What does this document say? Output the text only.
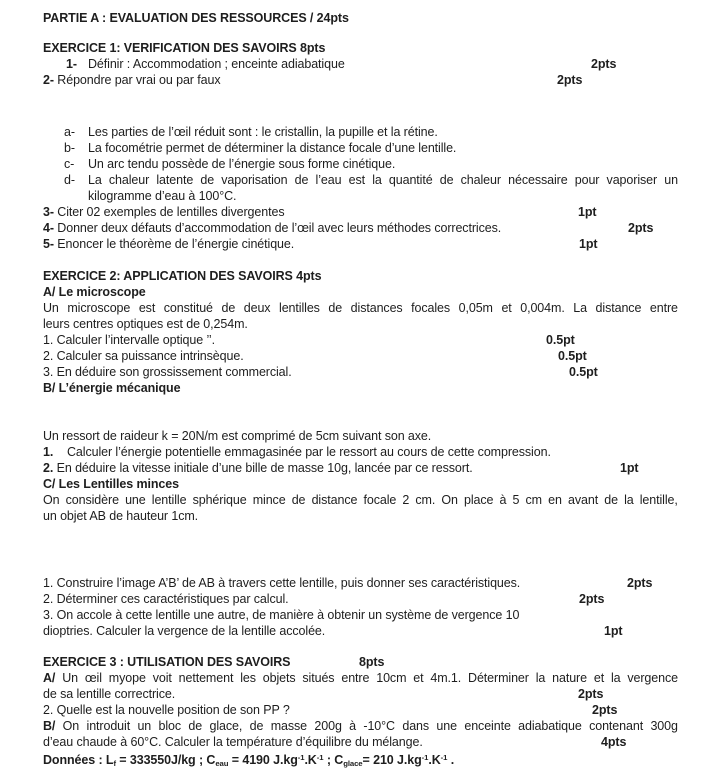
PARTIE A : EVALUATION DES RESSOURCES / 24pts
EXERCICE 1: VERIFICATION DES SAVOIRS 8pts
1- Définir : Accommodation ; enceinte adiabatique	2pts
2- Répondre par vrai ou par faux	2pts
a- Les parties de l’œil réduit sont : le cristallin, la pupille et la rétine.
b- La focométrie permet de déterminer la distance focale d’une lentille.
c- Un arc tendu possède de l’énergie sous forme cinétique.
d- La chaleur latente de vaporisation de l’eau est la quantité de chaleur nécessaire pour vaporiser un
kilogramme d’eau à 100°C.
3- Citer 02 exemples de lentilles divergentes	1pt
4- Donner deux défauts d’accommodation de l’œil avec leurs méthodes correctrices.	2pts
5- Enoncer le théorème de l’énergie cinétique.	1pt
EXERCICE 2: APPLICATION DES SAVOIRS 4pts
A/ Le microscope
Un microscope est constitué de deux lentilles de distances focales 0,05m et 0,004m. La distance entre
leurs centres optiques est de 0,254m.
1. Calculer l’intervalle optique ’’.	0.5pt
2. Calculer sa puissance intrinsèque.	0.5pt
3. En déduire son grossissement commercial.	0.5pt
B/ L’énergie mécanique
Un ressort de raideur k = 20N/m est comprimé de 5cm suivant son axe.
1. Calculer l’énergie potentielle emmagasinée par le ressort au cours de cette compression.
2. En déduire la vitesse initiale d’une bille de masse 10g, lancée par ce ressort.	1pt
C/ Les Lentilles minces
On considère une lentille sphérique mince de distance focale 2 cm. On place à 5 cm en avant de la lentille,
un objet AB de hauteur 1cm.
1. Construire l’image A’B’ de AB à travers cette lentille, puis donner ses caractéristiques.	2pts
2. Déterminer ces caractéristiques par calcul.	2pts
3. On accole à cette lentille une autre, de manière à obtenir un système de vergence 10
dioptries. Calculer la vergence de la lentille accolée.	1pt
EXERCICE 3 : UTILISATION DES SAVOIRS	8pts
A/ Un œil myope voit nettement les objets situés entre 10cm et 4m.1. Déterminer la nature et la vergence
de sa lentille correctrice.	2pts
2. Quelle est la nouvelle position de son PP ?	2pts
B/ On introduit un bloc de glace, de masse 200g à -10°C dans une enceinte adiabatique contenant 300g
d’eau chaude à 60°C. Calculer la température d’équilibre du mélange.	4pts
Données : $L_f = 333550J/kg$ ; $C_{eau} = 4190$ $J.kg^{-1}.K^{-1}$ ; $C_{glace}= 210$ $J.kg^{-1}.K^{-1}$ .
